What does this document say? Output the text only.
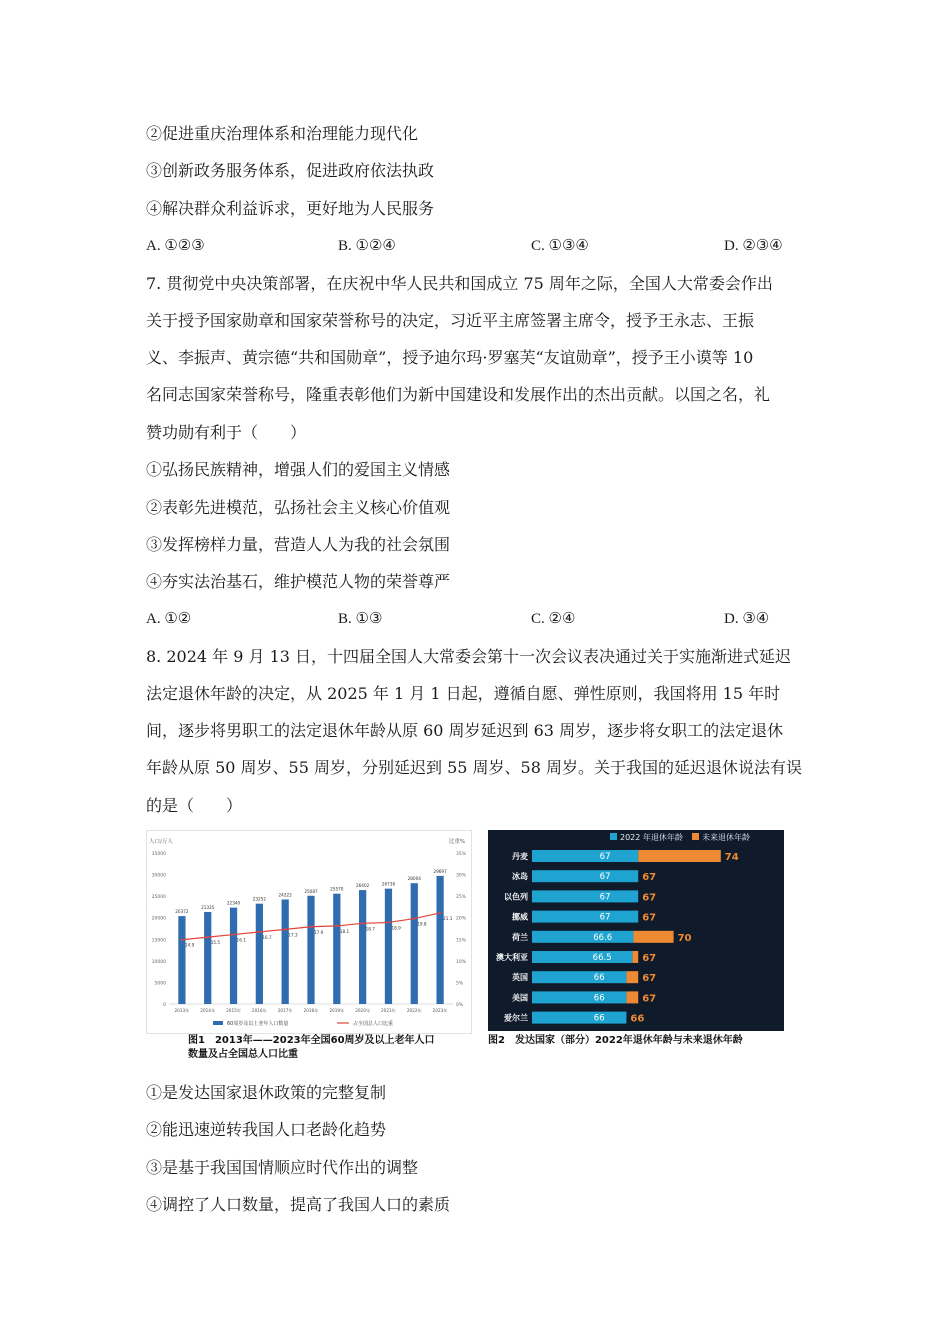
②促进重庆治理体系和治理能力现代化
③创新政务服务体系，促进政府依法执政
④解决群众利益诉求，更好地为人民服务
A. ①②③	B. ①②④	C. ①③④	D. ②③④
7. 贯彻党中央决策部署，在庆祝中华人民共和国成立 75 周年之际，全国人大常委会作出
关于授予国家勋章和国家荣誉称号的决定，习近平主席签署主席令，授予王永志、王振
义、李振声、黄宗德“共和国勋章”，授予迪尔玛·罗塞芙“友谊勋章”，授予王小谟等 10
名同志国家荣誉称号，隆重表彰他们为新中国建设和发展作出的杰出贡献。以国之名，礼
赞功勋有利于（　　）
①弘扬民族精神，增强人们的爱国主义情感
②表彰先进模范，弘扬社会主义核心价值观
③发挥榜样力量，营造人人为我的社会氛围
④夯实法治基石，维护模范人物的荣誉尊严
A. ①②	B. ①③	C. ②④	D. ③④
8. 2024 年 9 月 13 日，十四届全国人大常委会第十一次会议表决通过关于实施渐进式延迟
法定退休年龄的决定，从 2025 年 1 月 1 日起，遵循自愿、弹性原则，我国将用 15 年时
间，逐步将男职工的法定退休年龄从原 60 周岁延迟到 63 周岁，逐步将女职工的法定退休
年龄从原 50 周岁、55 周岁，分别延迟到 55 周岁、58 周岁。关于我国的延迟退休说法有误
的是（　　）
人口/万人	比重%
0
5000
10000
15000
20000
25000
30000
35000
0%
5%
10%
15%
20%
25%
30%
35%
20372
2013年
21335
2014年
22340
2015年
23252
2016年
24222
2017年
25087
2018年
25570
2019年
26402
2020年
26736
2021年
28004
2022年
29697
2023年
14.9
15.5
16.1
16.7
17.3
17.9	18.1
18.7	18.9
19.8
21.1
60周岁及以上老年人口数量	占全国总人口比重
图1　2013年——2023年全国60周岁及以上老年人口
数量及占全国总人口比重
2022 年退休年龄 未来退休年龄
丹麦	67	74
冰岛	67	67
以色列	67	67
挪威	67	67
荷兰	66.6	70
澳大利亚	66.5	67
英国	66	67
美国	66	67
爱尔兰	66	66
图2　发达国家（部分）2022年退休年龄与未来退休年龄
①是发达国家退休政策的完整复制
②能迅速逆转我国人口老龄化趋势
③是基于我国国情顺应时代作出的调整
④调控了人口数量，提高了我国人口的素质
